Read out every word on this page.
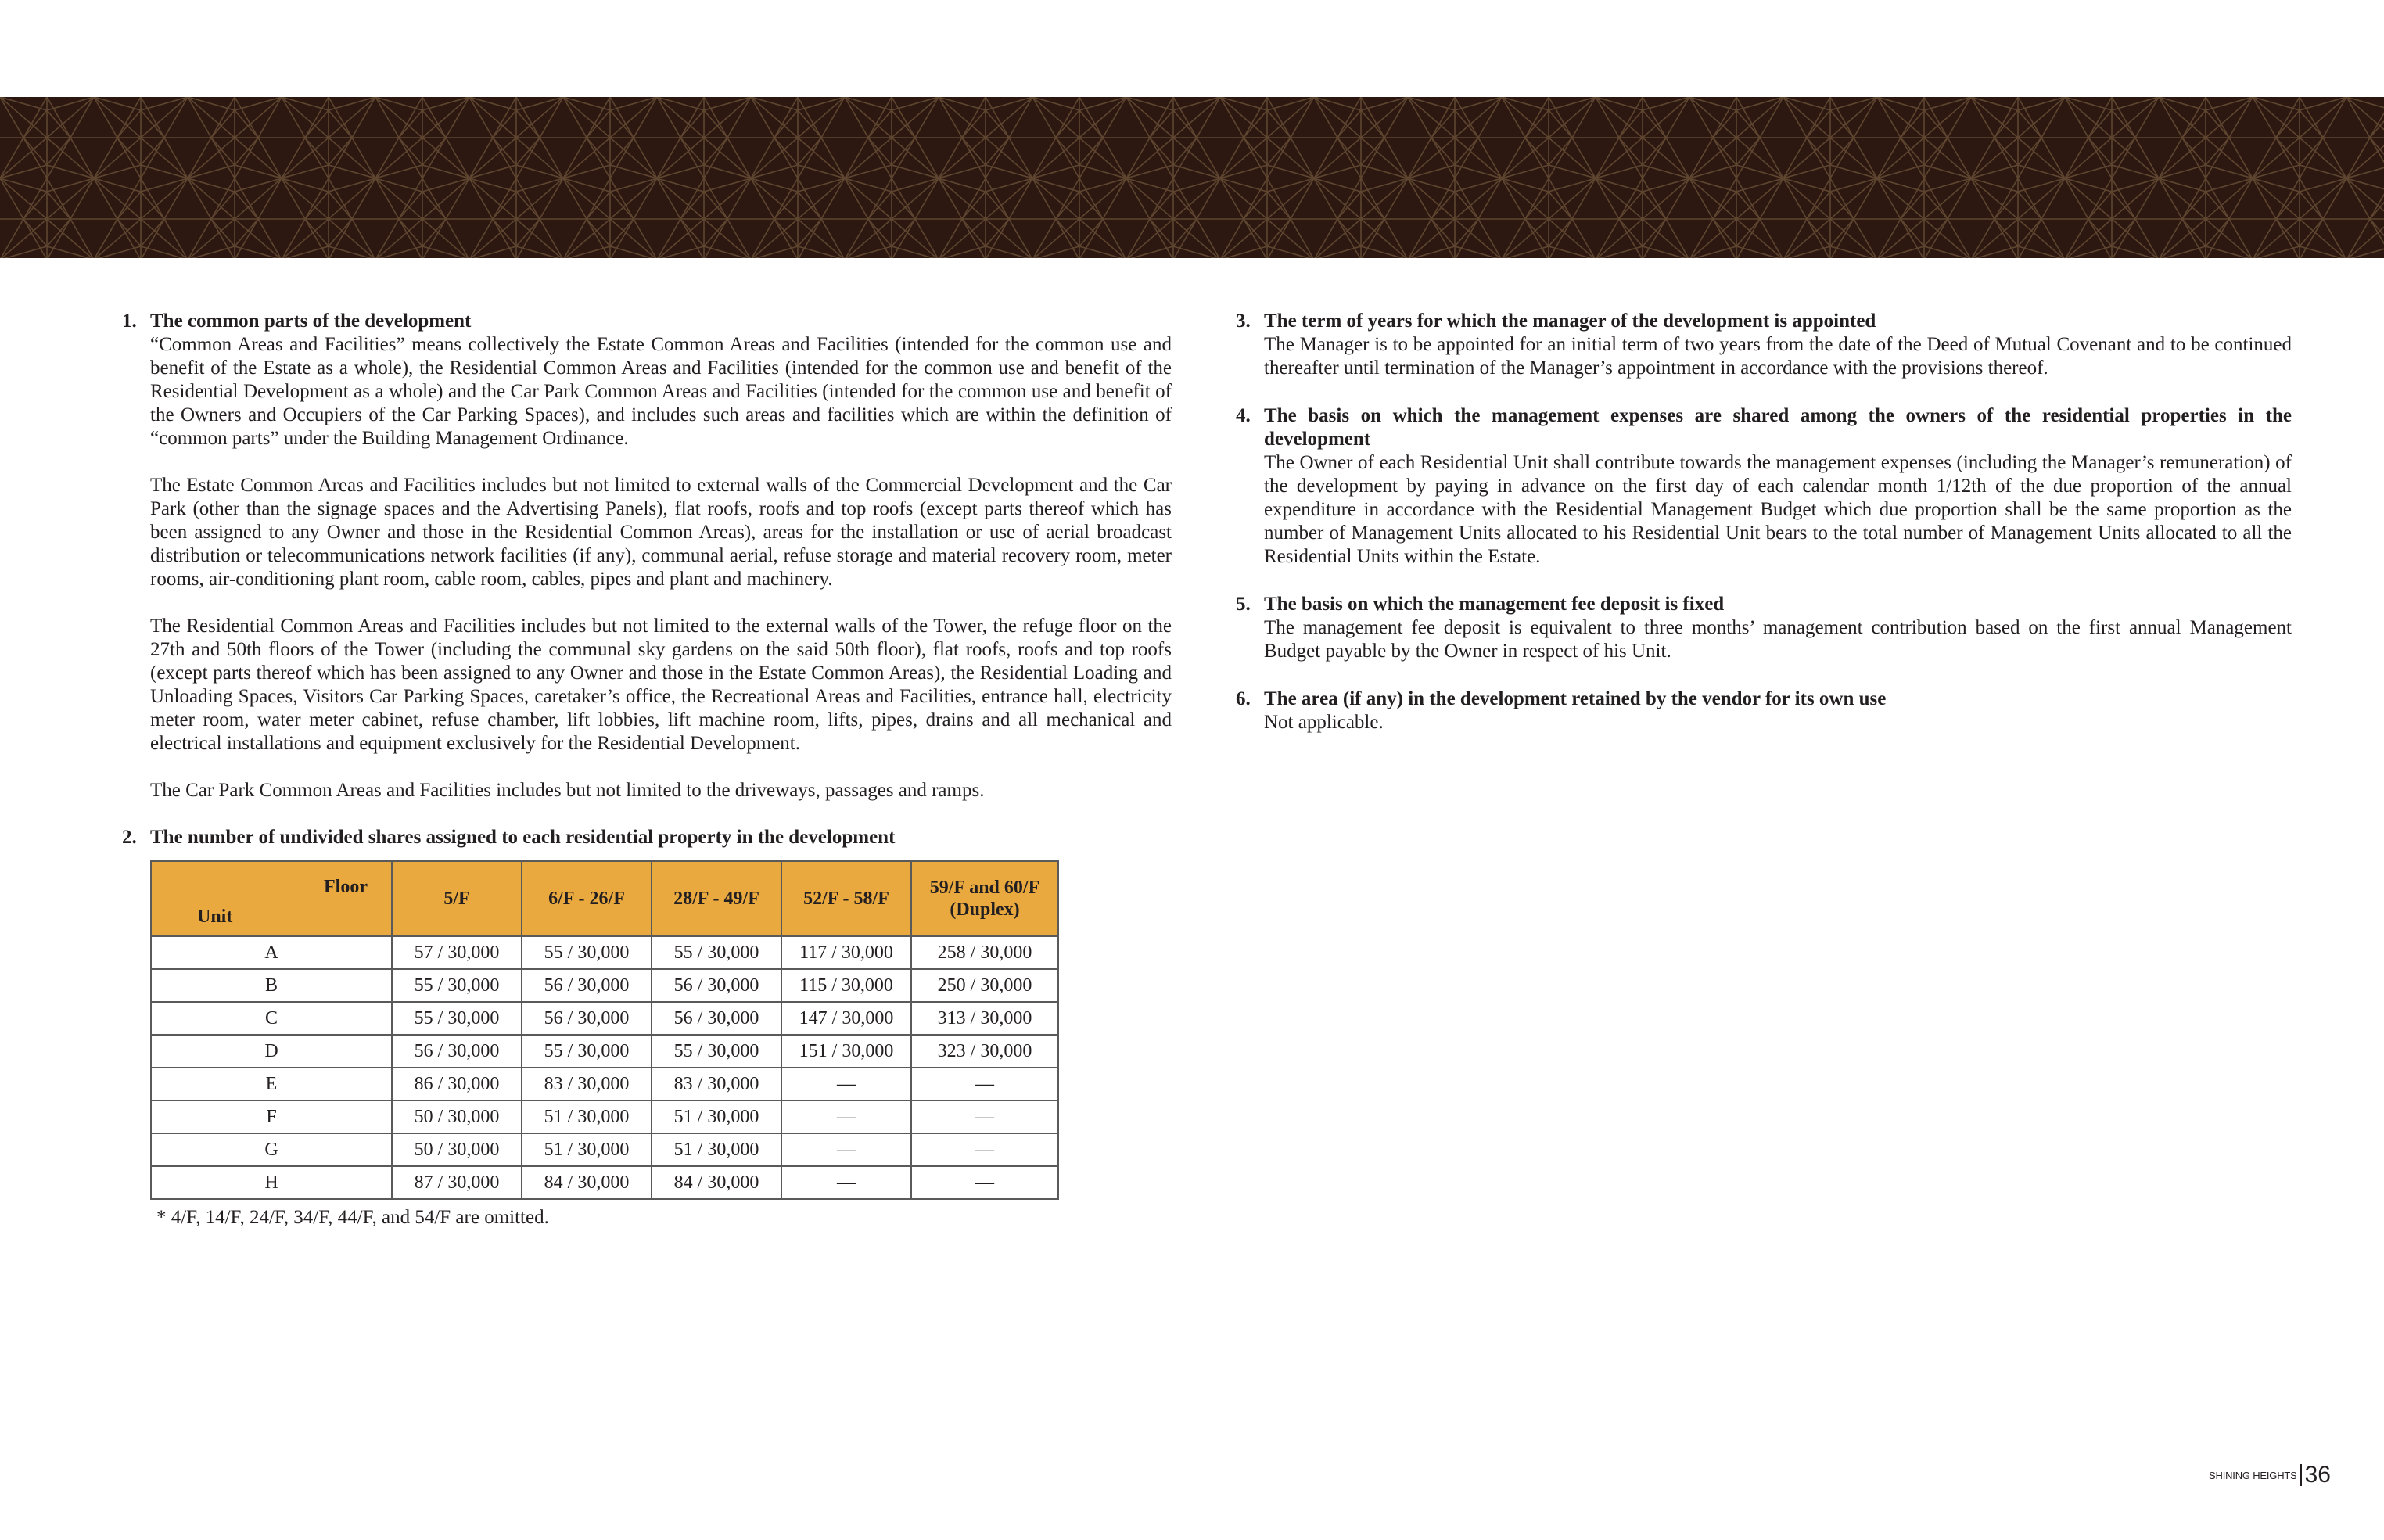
1. The common parts of the development

“Common Areas and Facilities” means collectively the Estate Common Areas and Facilities (intended for the common use and benefit of the Estate as a whole), the Residential Common Areas and Facilities (intended for the common use and benefit of the Residential Development as a whole) and the Car Park Common Areas and Facilities (intended for the common use and benefit of the Owners and Occupiers of the Car Parking Spaces), and includes such areas and facilities which are within the definition of “common parts” under the Building Management Ordinance.

The Estate Common Areas and Facilities includes but not limited to external walls of the Commercial Development and the Car Park (other than the signage spaces and the Advertising Panels), flat roofs, roofs and top roofs (except parts thereof which has been assigned to any Owner and those in the Residential Common Areas), areas for the installation or use of aerial broadcast distribution or telecommunications network facilities (if any), communal aerial, refuse storage and material recovery room, meter rooms, air-conditioning plant room, cable room, cables, pipes and plant and machinery.

The Residential Common Areas and Facilities includes but not limited to the external walls of the Tower, the refuge floor on the 27th and 50th floors of the Tower (including the communal sky gardens on the said 50th floor), flat roofs, roofs and top roofs (except parts thereof which has been assigned to any Owner and those in the Estate Common Areas), the Residential Loading and Unloading Spaces, Visitors Car Parking Spaces, caretaker’s office, the Recreational Areas and Facilities, entrance hall, electricity meter room, water meter cabinet, refuse chamber, lift lobbies, lift machine room, lifts, pipes, drains and all mechanical and electrical installations and equipment exclusively for the Residential Development.

The Car Park Common Areas and Facilities includes but not limited to the driveways, passages and ramps.

2. The number of undivided shares assigned to each residential property in the development
Floor
Unit	5/F	6/F - 26/F	28/F - 49/F	52/F - 58/F	59/F and 60/F
(Duplex)
A	57 / 30,000	55 / 30,000	55 / 30,000	117 / 30,000	258 / 30,000
B	55 / 30,000	56 / 30,000	56 / 30,000	115 / 30,000	250 / 30,000
C	55 / 30,000	56 / 30,000	56 / 30,000	147 / 30,000	313 / 30,000
D	56 / 30,000	55 / 30,000	55 / 30,000	151 / 30,000	323 / 30,000
E	86 / 30,000	83 / 30,000	83 / 30,000	—	—
F	50 / 30,000	51 / 30,000	51 / 30,000	—	—
G	50 / 30,000	51 / 30,000	51 / 30,000	—	—
H	87 / 30,000	84 / 30,000	84 / 30,000	—	—
* 4/F, 14/F, 24/F, 34/F, 44/F, and 54/F are omitted.
3. The term of years for which the manager of the development is appointed

The Manager is to be appointed for an initial term of two years from the date of the Deed of Mutual Covenant and to be continued thereafter until termination of the Manager’s appointment in accordance with the provisions thereof.

4. The basis on which the management expenses are shared among the owners of the residential properties in the development

The Owner of each Residential Unit shall contribute towards the management expenses (including the Manager’s remuneration) of the development by paying in advance on the first day of each calendar month 1/12th of the due proportion of the annual expenditure in accordance with the Residential Management Budget which due proportion shall be the same proportion as the number of Management Units allocated to his Residential Unit bears to the total number of Management Units allocated to all the Residential Units within the Estate.

5. The basis on which the management fee deposit is fixed

The management fee deposit is equivalent to three months’ management contribution based on the first annual Management Budget payable by the Owner in respect of his Unit.

6. The area (if any) in the development retained by the vendor for its own use

Not applicable.

SHINING HEIGHTS 36
